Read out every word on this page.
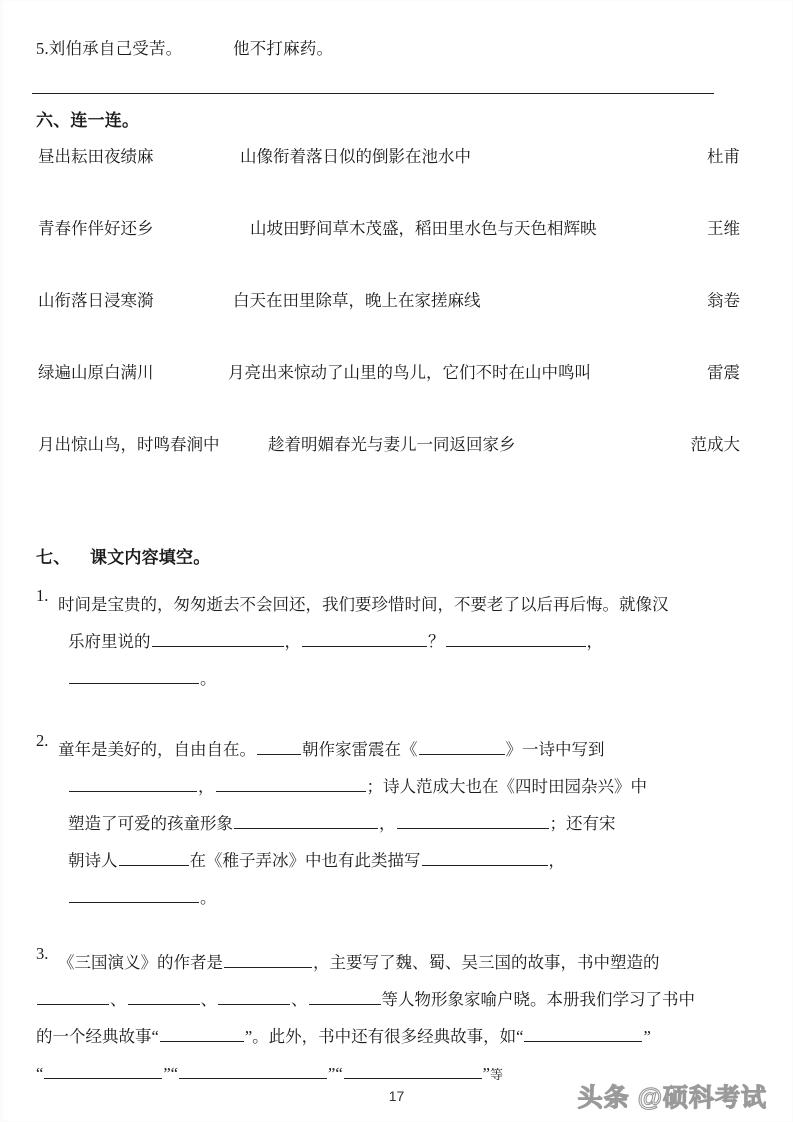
5.刘伯承自己受苦。	他不打麻药。
六、连一连。
昼出耘田夜绩麻	山像衔着落日似的倒影在池水中	杜甫
青春作伴好还乡	山坡田野间草木茂盛，稻田里水色与天色相辉映	王维
山衔落日浸寒漪	白天在田里除草，晚上在家搓麻线	翁卷
绿遍山原白满川	月亮出来惊动了山里的鸟儿，它们不时在山中鸣叫	雷震
月出惊山鸟，时鸣春涧中	趁着明媚春光与妻儿一同返回家乡	范成大
七、 课文内容填空。
1. 时间是宝贵的，匆匆逝去不会回还，我们要珍惜时间，不要老了以后再后悔。就像汉
乐府里说的	，	？	，
。
2. 童年是美好的，自由自在。	朝作家雷震在《	》一诗中写到
，	；诗人范成大也在《四时田园杂兴》中
塑造了可爱的孩童形象	，	；还有宋
朝诗人	在《稚子弄冰》中也有此类描写	，
。
3. 《三国演义》的作者是	，主要写了魏、蜀、吴三国的故事，书中塑造的
、	、	、	等人物形象家喻户晓。本册我们学习了书中
的一个经典故事“	”。此外，书中还有很多经典故事，如“	”
“	”“	”“	”等
17	头条 @硕科考试
